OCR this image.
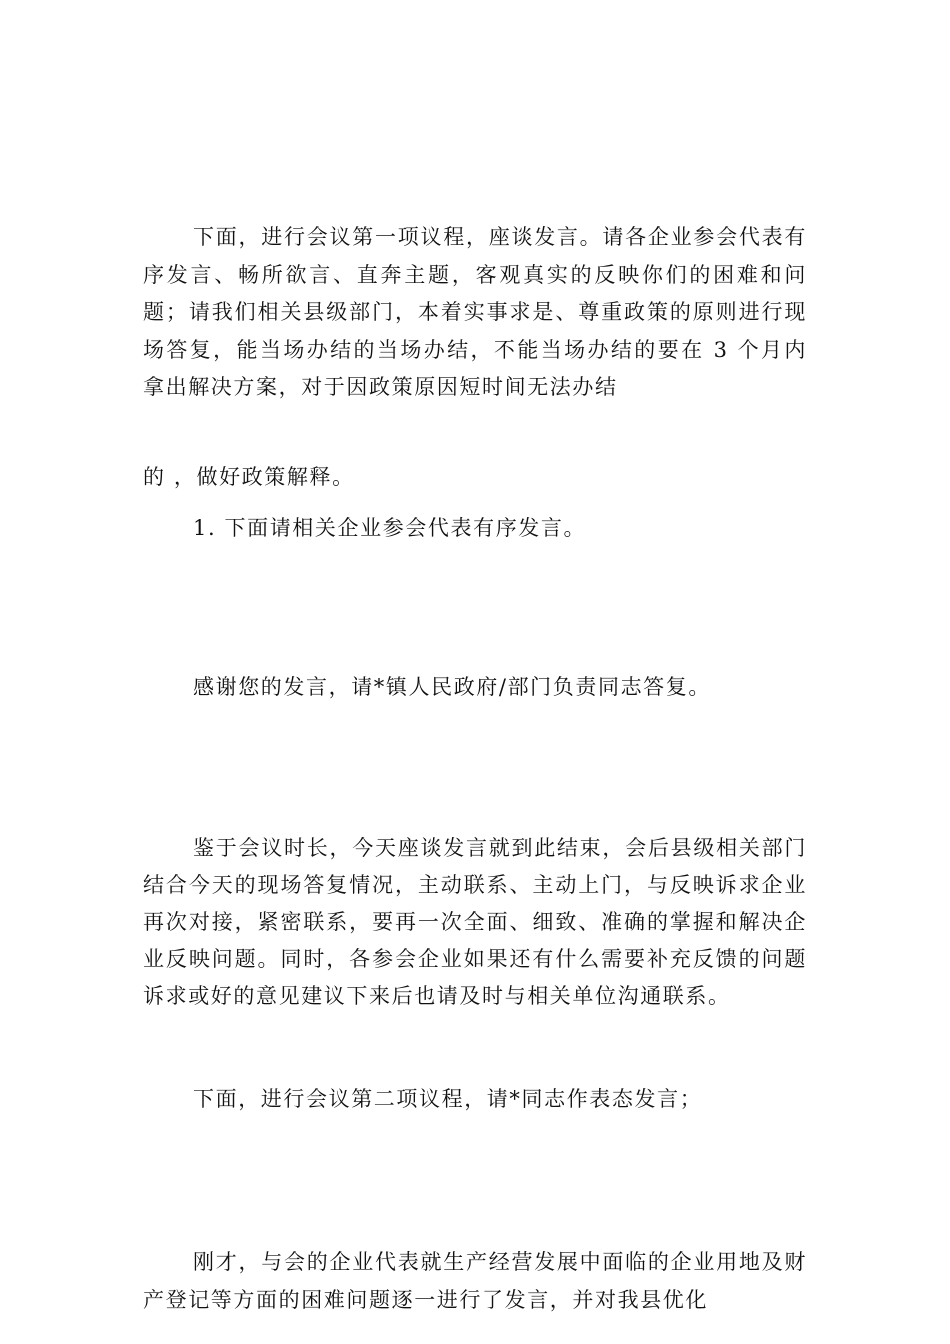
下面，进行会议第一项议程，座谈发言。请各企业参会代表有序发言、畅所欲言、直奔主题，客观真实的反映你们的困难和问题；请我们相关县级部门，本着实事求是、尊重政策的原则进行现场答复，能当场办结的当场办结，不能当场办结的要在 3 个月内拿出解决方案，对于因政策原因短时间无法办结

的 ，做好政策解释。

1. 下面请相关企业参会代表有序发言。

感谢您的发言，请*镇人民政府/部门负责同志答复。

鉴于会议时长，今天座谈发言就到此结束，会后县级相关部门结合今天的现场答复情况，主动联系、主动上门，与反映诉求企业再次对接，紧密联系，要再一次全面、细致、准确的掌握和解决企业反映问题。同时，各参会企业如果还有什么需要补充反馈的问题诉求或好的意见建议下来后也请及时与相关单位沟通联系。

下面，进行会议第二项议程，请*同志作表态发言；

刚才，与会的企业代表就生产经营发展中面临的企业用地及财产登记等方面的困难问题逐一进行了发言，并对我县优化
